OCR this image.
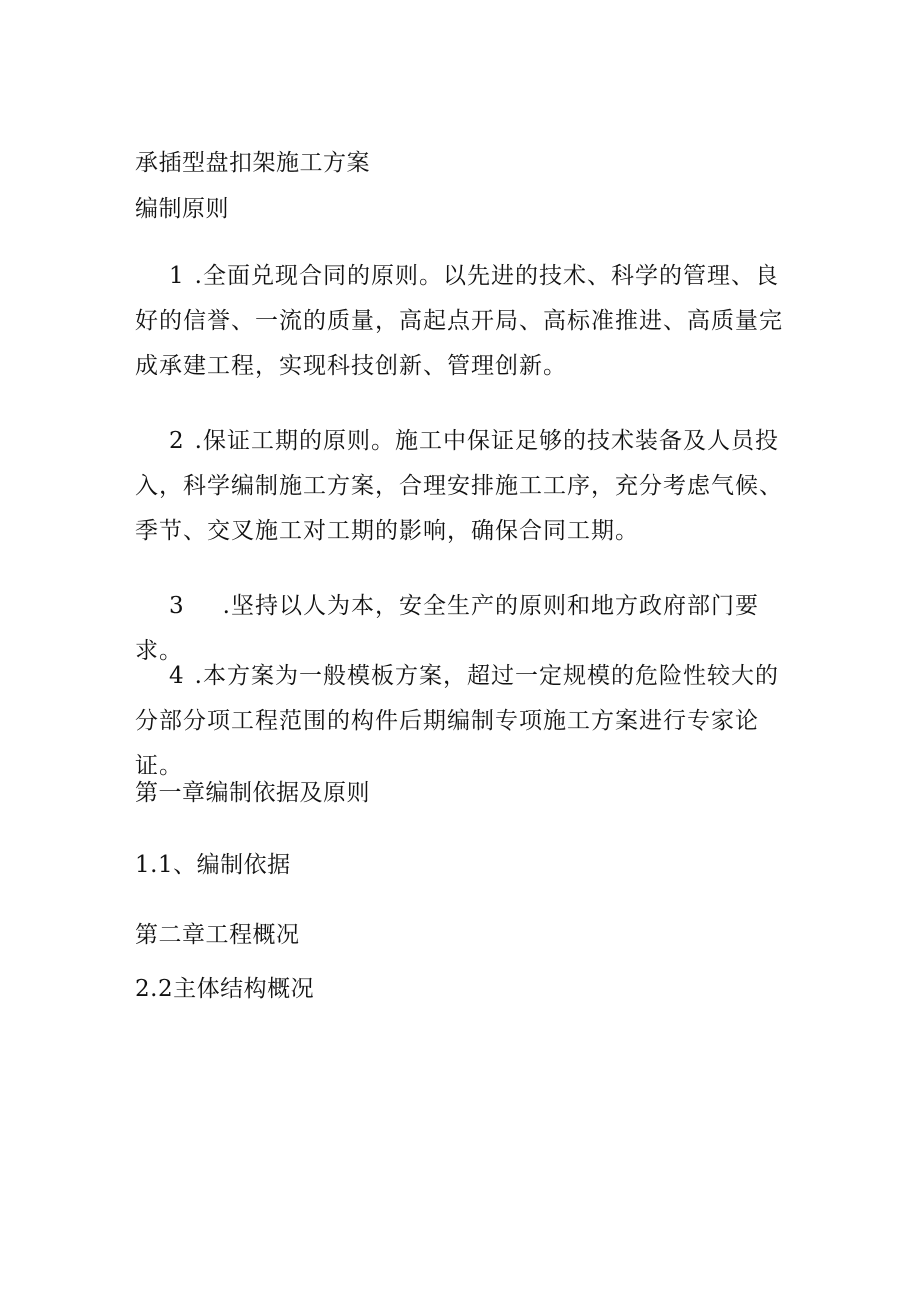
承插型盘扣架施工方案
编制原则
1 .全面兑现合同的原则。以先进的技术、科学的管理、良好的信誉、一流的质量，高起点开局、高标准推进、高质量完成承建工程，实现科技创新、管理创新。
2 .保证工期的原则。施工中保证足够的技术装备及人员投入，科学编制施工方案，合理安排施工工序，充分考虑气候、季节、交叉施工对工期的影响，确保合同工期。
3 .坚持以人为本，安全生产的原则和地方政府部门要求。
4 .本方案为一般模板方案，超过一定规模的危险性较大的分部分项工程范围的构件后期编制专项施工方案进行专家论证。
第一章编制依据及原则
1.1、编制依据
第二章工程概况
2.2主体结构概况
